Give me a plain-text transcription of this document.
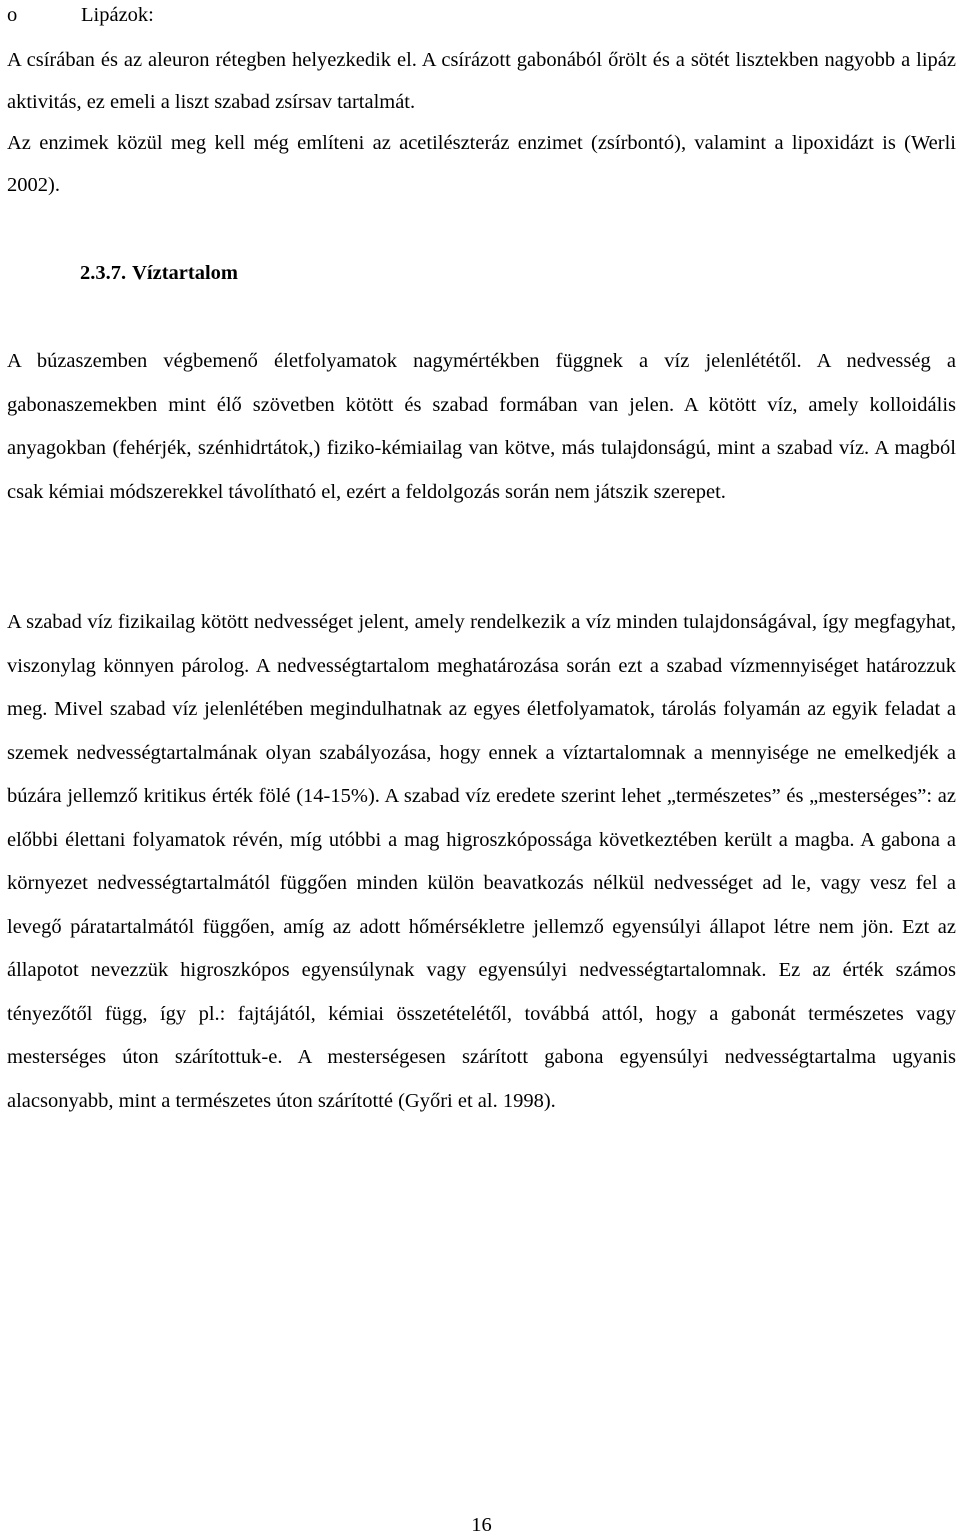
o	Lipázok:

A csírában és az aleuron rétegben helyezkedik el. A csírázott gabonából őrölt és a sötét lisztekben nagyobb a lipáz aktivitás, ez emeli a liszt szabad zsírsav tartalmát.

Az enzimek közül meg kell még említeni az acetilészteráz enzimet (zsírbontó), valamint a lipoxidázt is (Werli 2002).

2.3.7. Víztartalom

A búzaszemben végbemenő életfolyamatok nagymértékben függnek a víz jelenlététől. A nedvesség a gabonaszemekben mint élő szövetben kötött és szabad formában van jelen. A kötött víz, amely kolloidális anyagokban (fehérjék, szénhidrtátok,) fiziko-kémiailag van kötve, más tulajdonságú, mint a szabad víz. A magból csak kémiai módszerekkel távolítható el, ezért a feldolgozás során nem játszik szerepet.

A szabad víz fizikailag kötött nedvességet jelent, amely rendelkezik a víz minden tulajdonságával, így megfagyhat, viszonylag könnyen párolog. A nedvességtartalom meghatározása során ezt a szabad vízmennyiséget határozzuk meg. Mivel szabad víz jelenlétében megindulhatnak az egyes életfolyamatok, tárolás folyamán az egyik feladat a szemek nedvességtartalmának olyan szabályozása, hogy ennek a víztartalomnak a mennyisége ne emelkedjék a búzára jellemző kritikus érték fölé (14-15%). A szabad víz eredete szerint lehet „természetes” és „mesterséges”: az előbbi élettani folyamatok révén, míg utóbbi a mag higroszkópossága következtében került a magba. A gabona a környezet nedvességtartalmától függően minden külön beavatkozás nélkül nedvességet ad le, vagy vesz fel a levegő páratartalmától függően, amíg az adott hőmérsékletre jellemző egyensúlyi állapot létre nem jön. Ezt az állapotot nevezzük higroszkópos egyensúlynak vagy egyensúlyi nedvességtartalomnak. Ez az érték számos tényezőtől függ, így pl.: fajtájától, kémiai összetételétől, továbbá attól, hogy a gabonát természetes vagy mesterséges úton szárítottuk-e. A mesterségesen szárított gabona egyensúlyi nedvességtartalma ugyanis alacsonyabb, mint a természetes úton szárítotté (Győri et al. 1998).

16
